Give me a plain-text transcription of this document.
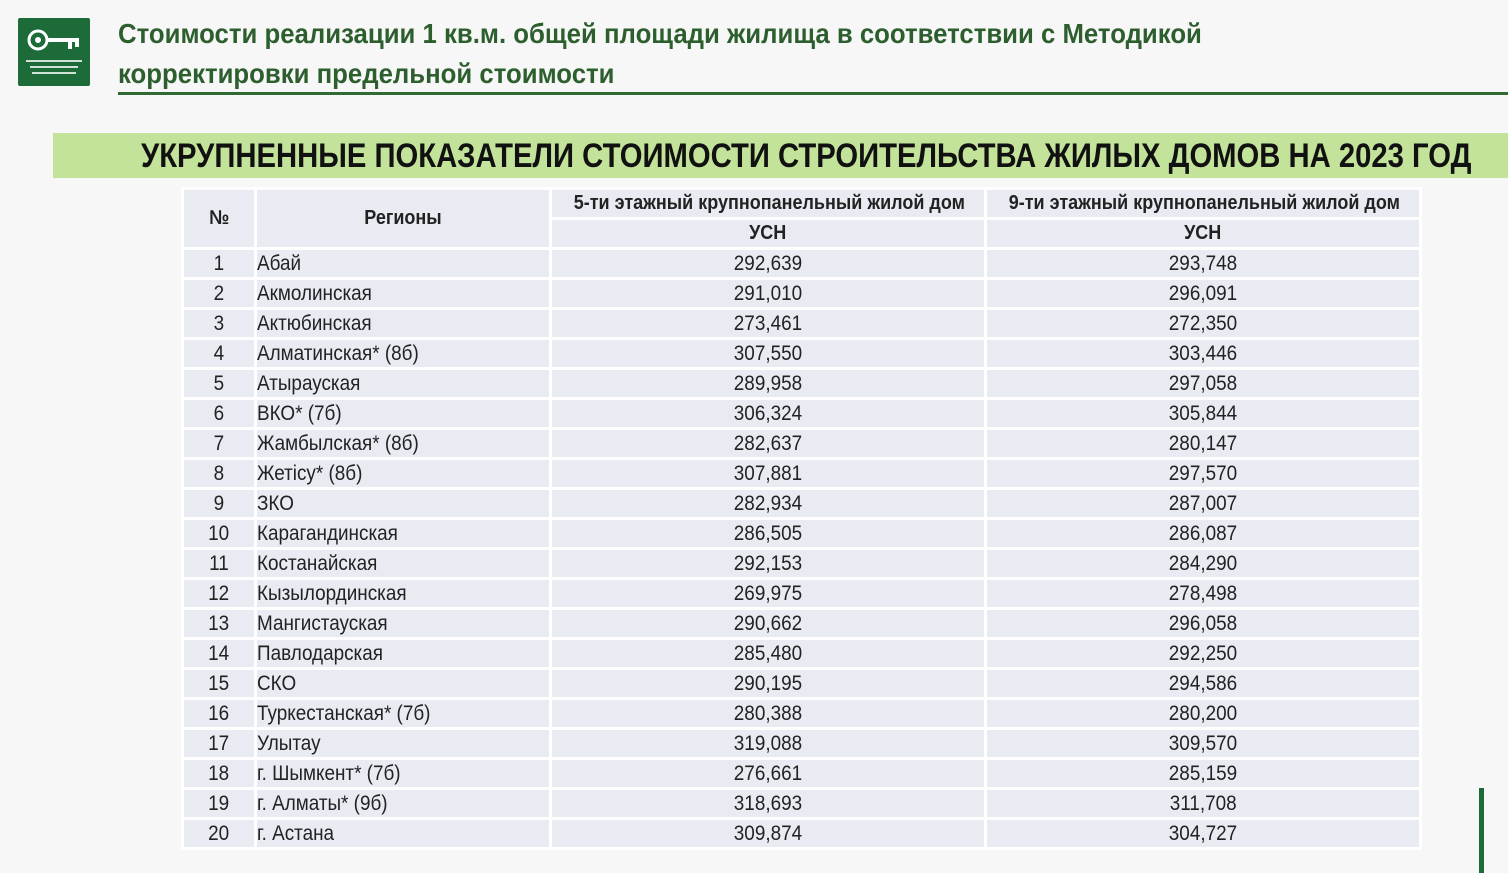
Стоимости реализации 1 кв.м. общей площади жилища в соответствии с Методикой
корректировки предельной стоимости
УКРУПНЕННЫЕ ПОКАЗАТЕЛИ СТОИМОСТИ СТРОИТЕЛЬСТВА ЖИЛЫХ ДОМОВ НА 2023 ГОД
№	Регионы	5-ти этажный крупнопанельный жилой дом	9-ти этажный крупнопанельный жилой дом
		УСН	УСН
1	Абай	292,639	293,748
2	Акмолинская	291,010	296,091
3	Актюбинская	273,461	272,350
4	Алматинская* (8б)	307,550	303,446
5	Атырауская	289,958	297,058
6	ВКО* (7б)	306,324	305,844
7	Жамбылская* (8б)	282,637	280,147
8	Жетісу* (8б)	307,881	297,570
9	ЗКО	282,934	287,007
10	Карагандинская	286,505	286,087
11	Костанайская	292,153	284,290
12	Кызылординская	269,975	278,498
13	Мангистауская	290,662	296,058
14	Павлодарская	285,480	292,250
15	СКО	290,195	294,586
16	Туркестанская* (7б)	280,388	280,200
17	Улытау	319,088	309,570
18	г. Шымкент* (7б)	276,661	285,159
19	г. Алматы* (9б)	318,693	311,708
20	г. Астана	309,874	304,727
